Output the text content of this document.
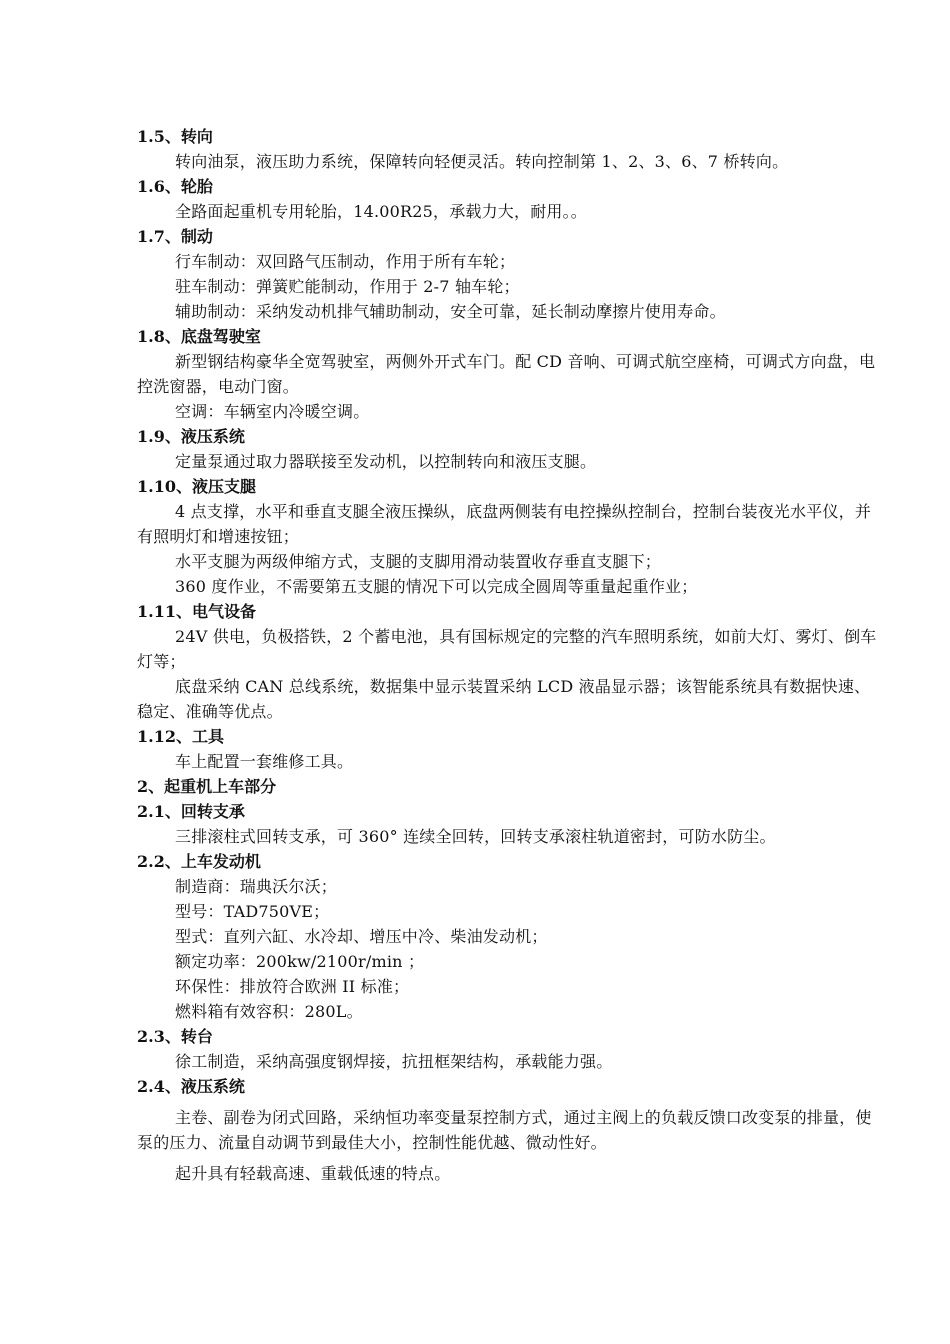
1.5、转向
转向油泵，液压助力系统，保障转向轻便灵活。转向控制第 1、2、3、6、7 桥转向。
1.6、轮胎
全路面起重机专用轮胎，14.00R25，承载力大，耐用。。
1.7、制动
行车制动：双回路气压制动，作用于所有车轮；
驻车制动：弹簧贮能制动，作用于 2-7 轴车轮；
辅助制动：采纳发动机排气辅助制动，安全可靠，延长制动摩擦片使用寿命。
1.8、底盘驾驶室
新型钢结构豪华全宽驾驶室，两侧外开式车门。配 CD 音响、可调式航空座椅，可调式方向盘，电控洗窗器，电动门窗。
空调：车辆室内冷暖空调。
1.9、液压系统
定量泵通过取力器联接至发动机，以控制转向和液压支腿。
1.10、液压支腿
4 点支撑，水平和垂直支腿全液压操纵，底盘两侧装有电控操纵控制台，控制台装夜光水平仪，并有照明灯和增速按钮；
水平支腿为两级伸缩方式，支腿的支脚用滑动装置收存垂直支腿下；
360 度作业，不需要第五支腿的情况下可以完成全圆周等重量起重作业；
1.11、电气设备
24V 供电，负极搭铁，2 个蓄电池，具有国标规定的完整的汽车照明系统，如前大灯、雾灯、倒车灯等；
底盘采纳 CAN 总线系统，数据集中显示装置采纳 LCD 液晶显示器；该智能系统具有数据快速、稳定、准确等优点。
1.12、工具
车上配置一套维修工具。
2、起重机上车部分
2.1、回转支承
三排滚柱式回转支承，可 360° 连续全回转，回转支承滚柱轨道密封，可防水防尘。
2.2、上车发动机
制造商：瑞典沃尔沃；
型号：TAD750VE；
型式：直列六缸、水冷却、增压中冷、柴油发动机；
额定功率：200kw/2100r/min ；
环保性：排放符合欧洲 II 标准；
燃料箱有效容积：280L。
2.3、转台
徐工制造，采纳高强度钢焊接，抗扭框架结构，承载能力强。
2.4、液压系统
主卷、副卷为闭式回路，采纳恒功率变量泵控制方式，通过主阀上的负载反馈口改变泵的排量，使泵的压力、流量自动调节到最佳大小，控制性能优越、微动性好。
起升具有轻载高速、重载低速的特点。
